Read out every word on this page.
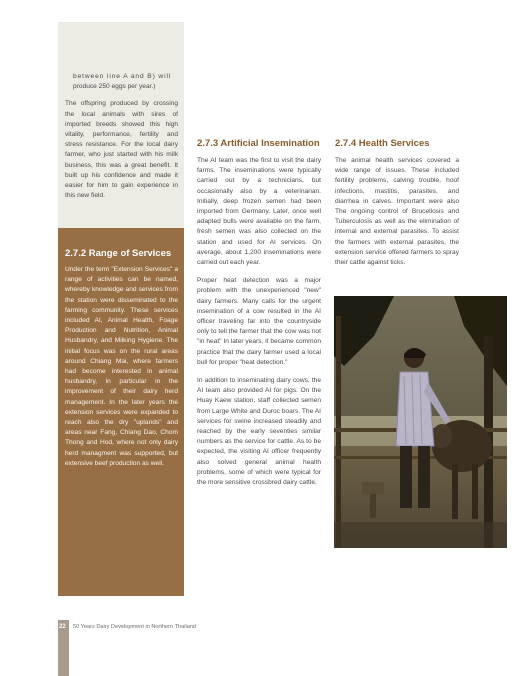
between line A and B) will

produce 250 eggs per year.)

The offspring produced by crossing the local animals with sires of imported breeds showed this high vitality, performance, fertility and stress resistance. For the local dairy farmer, who just started with his milk business, this was a great benefit. It built up his confidence and made it easier for him to gain experience in this new field.

2.7.2 Range of Services

Under the term "Extension Services" a range of activities can be named, whereby knowledge and services from the station were disseminated to the farming community. These services included AI, Animal Health, Foage Production and Nutrition, Animal Husbandry, and Milking Hygiene. The initial focus was on the rural areas around Chiang Mai, where farmers had become interested in animal husbandry, in particular in the improvement of their dairy herd management. In the later years the extension services were expanded to reach also the dry "uplands" and areas near Fang, Chiang Dao, Chom Thong and Hod, where not only dairy herd managment was supported, but extensive beef production as well.

2.7.3 Artificial Insemination

The AI team was the first to visit the dairy farms. The inseminations were typically carried out by a technicians, but occasionally also by a veterinarian. Initially, deep frozen semen had been imported from Germany. Later, once well adapted bulls were available on the farm, fresh semen was also collected on the station and used for AI services. On average, about 1,200 inseminations were carried out each year.

Proper heat detection was a major problem with the unexperienced "new" dairy farmers. Many calls for the urgent insemination of a cow resulted in the AI officer traveling far into the countryside only to tell the farmer that the cow was not "in heat" In later years, it became common practice that the dairy farmer used a local bull for proper "heat detection."

In addition to inseminating dairy cows, the AI team also provided AI for pigs. On the Huay Kaew station, staff collected semen from Large White and Duroc boars. The AI services for swine increased steadily and reached by the early seventies similar numbers as the service for cattle. As to be expected, the visiting AI officer frequently also solved general animal health problems, some of which were typical for the more sensitive crossbred dairy cattle.

2.7.4 Health Services

The animal health services covered a wide range of issues. These included fertility problems, calving trouble, hoof infections, mastitis, parasites, and diarrhea in calves. Important were also The ongoing control of Brucellosis and Tuberculosis as well as the elimination of internal and external parasites. To assist the farmers with external parasites, the extension service offered farmers to spray their cattle against ticks.

22 50 Years Dairy Development in Northern Thailand
